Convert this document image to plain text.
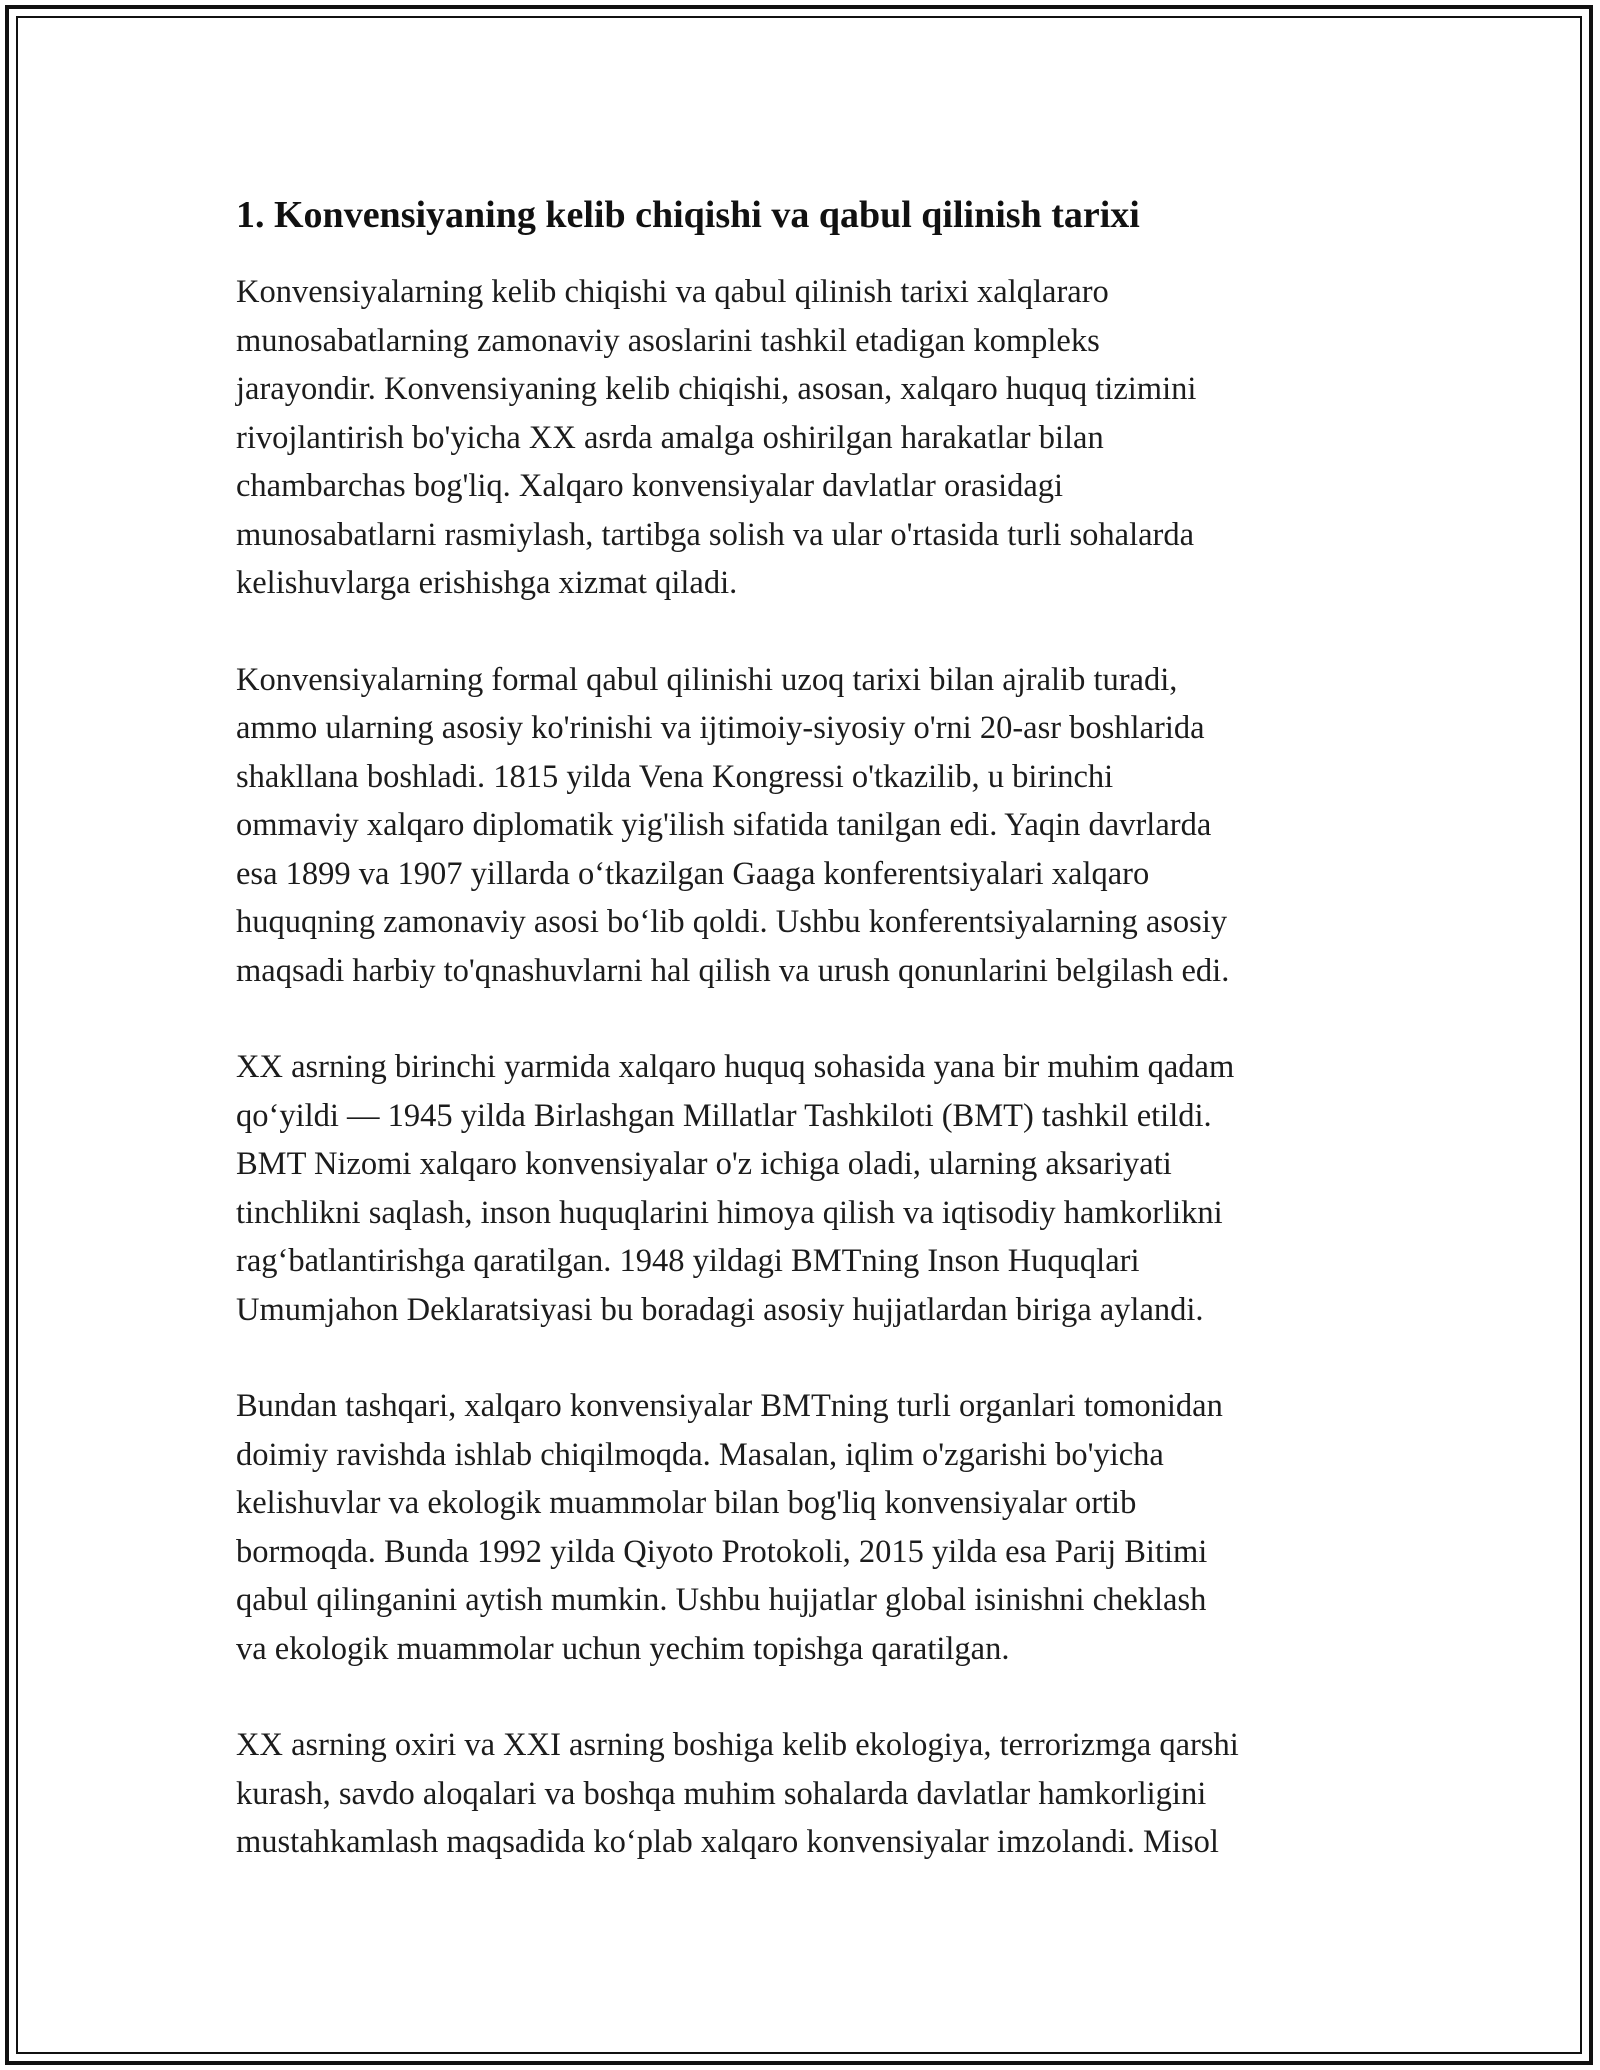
1. Konvensiyaning kelib chiqishi va qabul qilinish tarixi

Konvensiyalarning kelib chiqishi va qabul qilinish tarixi xalqlararo
munosabatlarning zamonaviy asoslarini tashkil etadigan kompleks
jarayondir. Konvensiyaning kelib chiqishi, asosan, xalqaro huquq tizimini
rivojlantirish bo'yicha XX asrda amalga oshirilgan harakatlar bilan
chambarchas bog'liq. Xalqaro konvensiyalar davlatlar orasidagi
munosabatlarni rasmiylash, tartibga solish va ular o'rtasida turli sohalarda
kelishuvlarga erishishga xizmat qiladi.

Konvensiyalarning formal qabul qilinishi uzoq tarixi bilan ajralib turadi,
ammo ularning asosiy ko'rinishi va ijtimoiy-siyosiy o'rni 20-asr boshlarida
shakllana boshladi. 1815 yilda Vena Kongressi o'tkazilib, u birinchi
ommaviy xalqaro diplomatik yig'ilish sifatida tanilgan edi. Yaqin davrlarda
esa 1899 va 1907 yillarda oʻtkazilgan Gaaga konferentsiyalari xalqaro
huquqning zamonaviy asosi boʻlib qoldi. Ushbu konferentsiyalarning asosiy
maqsadi harbiy to'qnashuvlarni hal qilish va urush qonunlarini belgilash edi.

XX asrning birinchi yarmida xalqaro huquq sohasida yana bir muhim qadam
qoʻyildi — 1945 yilda Birlashgan Millatlar Tashkiloti (BMT) tashkil etildi.
BMT Nizomi xalqaro konvensiyalar o'z ichiga oladi, ularning aksariyati
tinchlikni saqlash, inson huquqlarini himoya qilish va iqtisodiy hamkorlikni
ragʻbatlantirishga qaratilgan. 1948 yildagi BMTning Inson Huquqlari
Umumjahon Deklaratsiyasi bu boradagi asosiy hujjatlardan biriga aylandi.

Bundan tashqari, xalqaro konvensiyalar BMTning turli organlari tomonidan
doimiy ravishda ishlab chiqilmoqda. Masalan, iqlim o'zgarishi bo'yicha
kelishuvlar va ekologik muammolar bilan bog'liq konvensiyalar ortib
bormoqda. Bunda 1992 yilda Qiyoto Protokoli, 2015 yilda esa Parij Bitimi
qabul qilinganini aytish mumkin. Ushbu hujjatlar global isinishni cheklash
va ekologik muammolar uchun yechim topishga qaratilgan.

XX asrning oxiri va XXI asrning boshiga kelib ekologiya, terrorizmga qarshi
kurash, savdo aloqalari va boshqa muhim sohalarda davlatlar hamkorligini
mustahkamlash maqsadida koʻplab xalqaro konvensiyalar imzolandi. Misol
